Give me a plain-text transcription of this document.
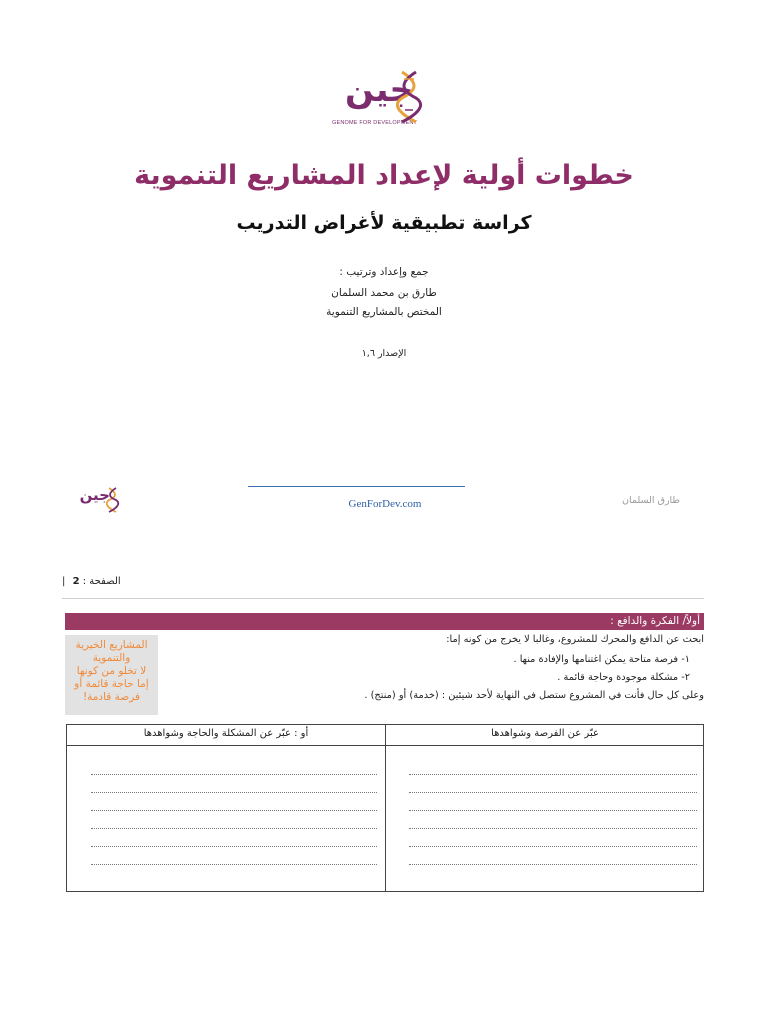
جين
GENOME FOR DEVELOPMENT
خطوات أولية لإعداد المشاريع التنموية
كراسة تطبيقية لأغراض التدريب
جمع وإعداد وترتيب :
طارق بن محمد السلمان
المختص بالمشاريع التنموية
الإصدار ١,٦
جين	GenForDev.com	طارق السلمان
الصفحة : 2 |
أولاً/ الفكرة والدافع :
المشاريع الخيرية
والتنموية
لا تخلو من كونها
إما حاجة قائمة أو
فرصة قادمة!
ابحث عن الدافع والمحرك للمشروع، وغالبا لا يخرج من كونه إما:
١- فرصة متاحة يمكن اغتنامها والإفادة منها .
٢- مشكلة موجودة وحاجة قائمة .
وعلى كل حال فأنت في المشروع ستصل في النهاية لأحد شيئين : (خدمة) أو (منتج) .
عبّر عن الفرصة وشواهدها
أو : عبّر عن المشكلة والحاجة وشواهدها
